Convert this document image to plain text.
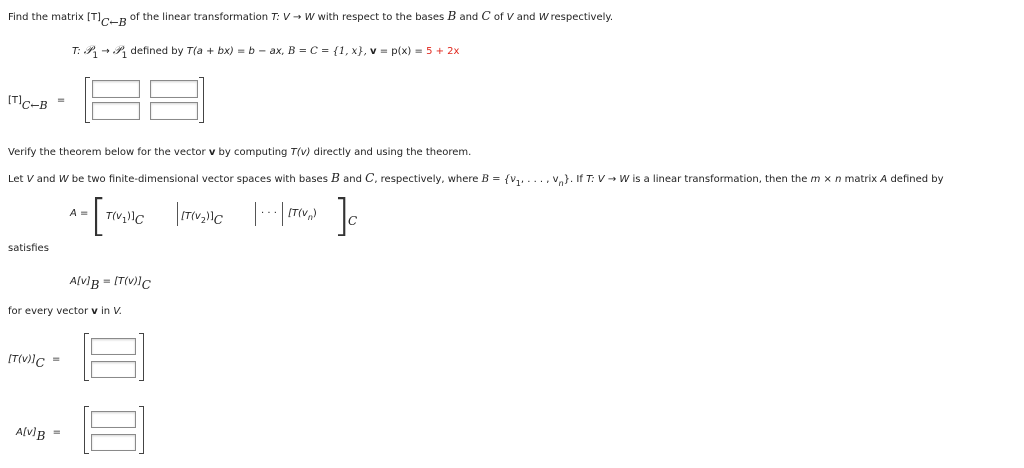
Find the matrix [T]C←B of the linear transformation T: V → W with respect to the bases B and C of V and W respectively.
T: 𝒫1 → 𝒫1 defined by T(a + bx) = b − ax, B = C = {1, x}, v = p(x) = 5 + 2x
[T]C←B =
Verify the theorem below for the vector v by computing T(v) directly and using the theorem.
Let V and W be two finite-dimensional vector spaces with bases B and C, respectively, where $B = \{v_1$, . . . , $v_n$}. If T: V → W is a linear transformation, then the m × n matrix A defined by
A = [
$T(v_1)]C$	$[T(v_2)]C$	· · · [$T(v_n)$ ]
C
satisfies
A[v]B = [T(v)]C
for every vector v in V.
[T(v)]C =
A[v]B =
